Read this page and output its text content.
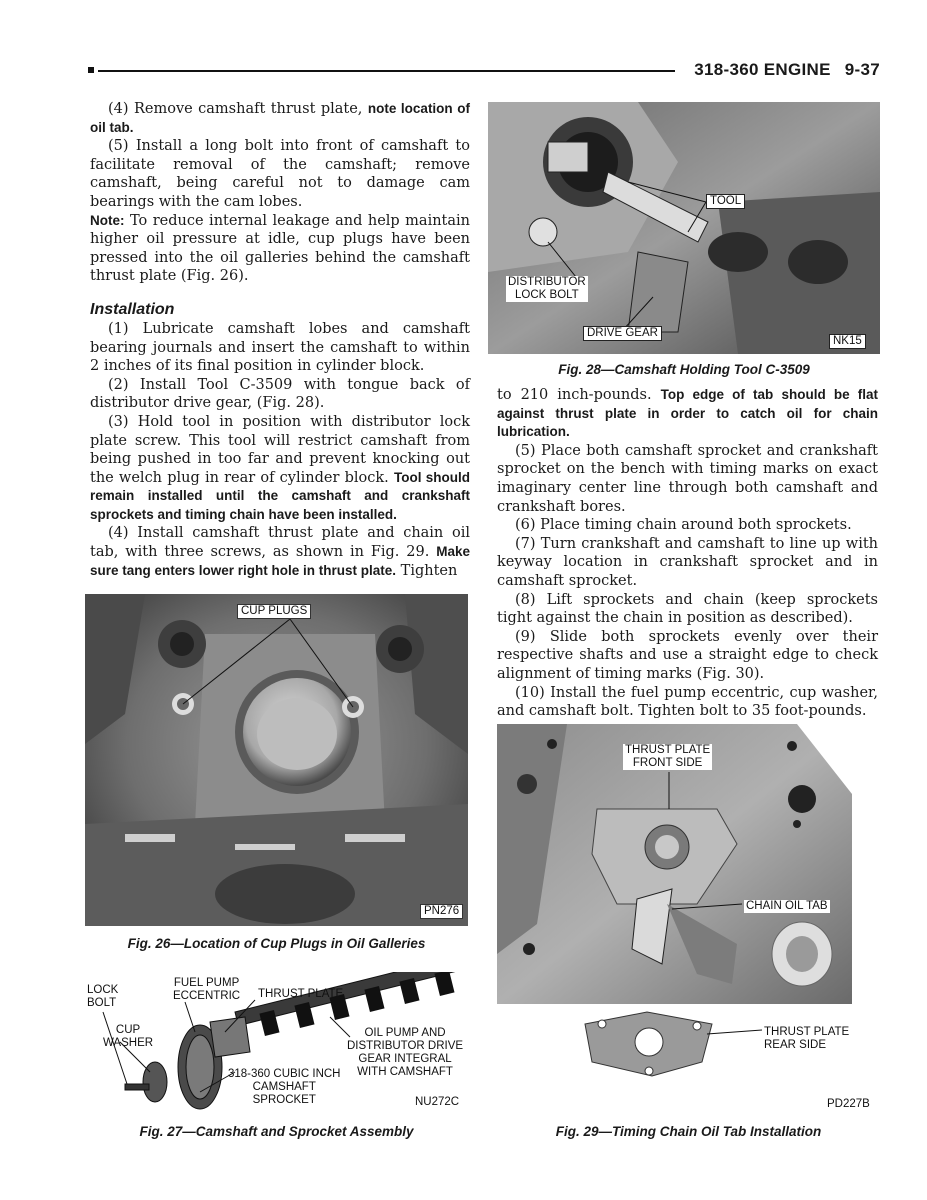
318-360 ENGINE 9-37

(4) Remove camshaft thrust plate, note location of oil tab.

(5) Install a long bolt into front of camshaft to facilitate removal of the camshaft; remove camshaft, being careful not to damage cam bearings with the cam lobes.

Note: To reduce internal leakage and help maintain higher oil pressure at idle, cup plugs have been pressed into the oil galleries behind the camshaft thrust plate (Fig. 26).

Installation

(1) Lubricate camshaft lobes and camshaft bearing journals and insert the camshaft to within 2 inches of its final position in cylinder block.

(2) Install Tool C-3509 with tongue back of distributor drive gear, (Fig. 28).

(3) Hold tool in position with distributor lock plate screw. This tool will restrict camshaft from being pushed in too far and prevent knocking out the welch plug in rear of cylinder block. Tool should remain installed until the camshaft and crankshaft sprockets and timing chain have been installed.

(4) Install camshaft thrust plate and chain oil tab, with three screws, as shown in Fig. 29. Make sure tang enters lower right hole in thrust plate. Tighten

CUP PLUGS
PN276
Fig. 26—Location of Cup Plugs in Oil Galleries
LOCK
BOLT
FUEL PUMP
ECCENTRIC THRUST PLATE
CUP
WASHER
OIL PUMP AND
DISTRIBUTOR DRIVE
GEAR INTEGRAL
WITH CAMSHAFT
318-360 CUBIC INCH
CAMSHAFT
SPROCKET	NU272C
Fig. 27—Camshaft and Sprocket Assembly
TOOL
DISTRIBUTOR
LOCK BOLT
DRIVE GEAR
NK15
Fig. 28—Camshaft Holding Tool C-3509

to 210 inch-pounds. Top edge of tab should be flat against thrust plate in order to catch oil for chain lubrication.

(5) Place both camshaft sprocket and crankshaft sprocket on the bench with timing marks on exact imaginary center line through both camshaft and crankshaft bores.

(6) Place timing chain around both sprockets.

(7) Turn crankshaft and camshaft to line up with keyway location in crankshaft sprocket and in camshaft sprocket.

(8) Lift sprockets and chain (keep sprockets tight against the chain in position as described).

(9) Slide both sprockets evenly over their respective shafts and use a straight edge to check alignment of timing marks (Fig. 30).

(10) Install the fuel pump eccentric, cup washer, and camshaft bolt. Tighten bolt to 35 foot-pounds.

THRUST PLATE
FRONT SIDE
CHAIN OIL TAB
THRUST PLATE
REAR SIDE
PD227B
Fig. 29—Timing Chain Oil Tab Installation
